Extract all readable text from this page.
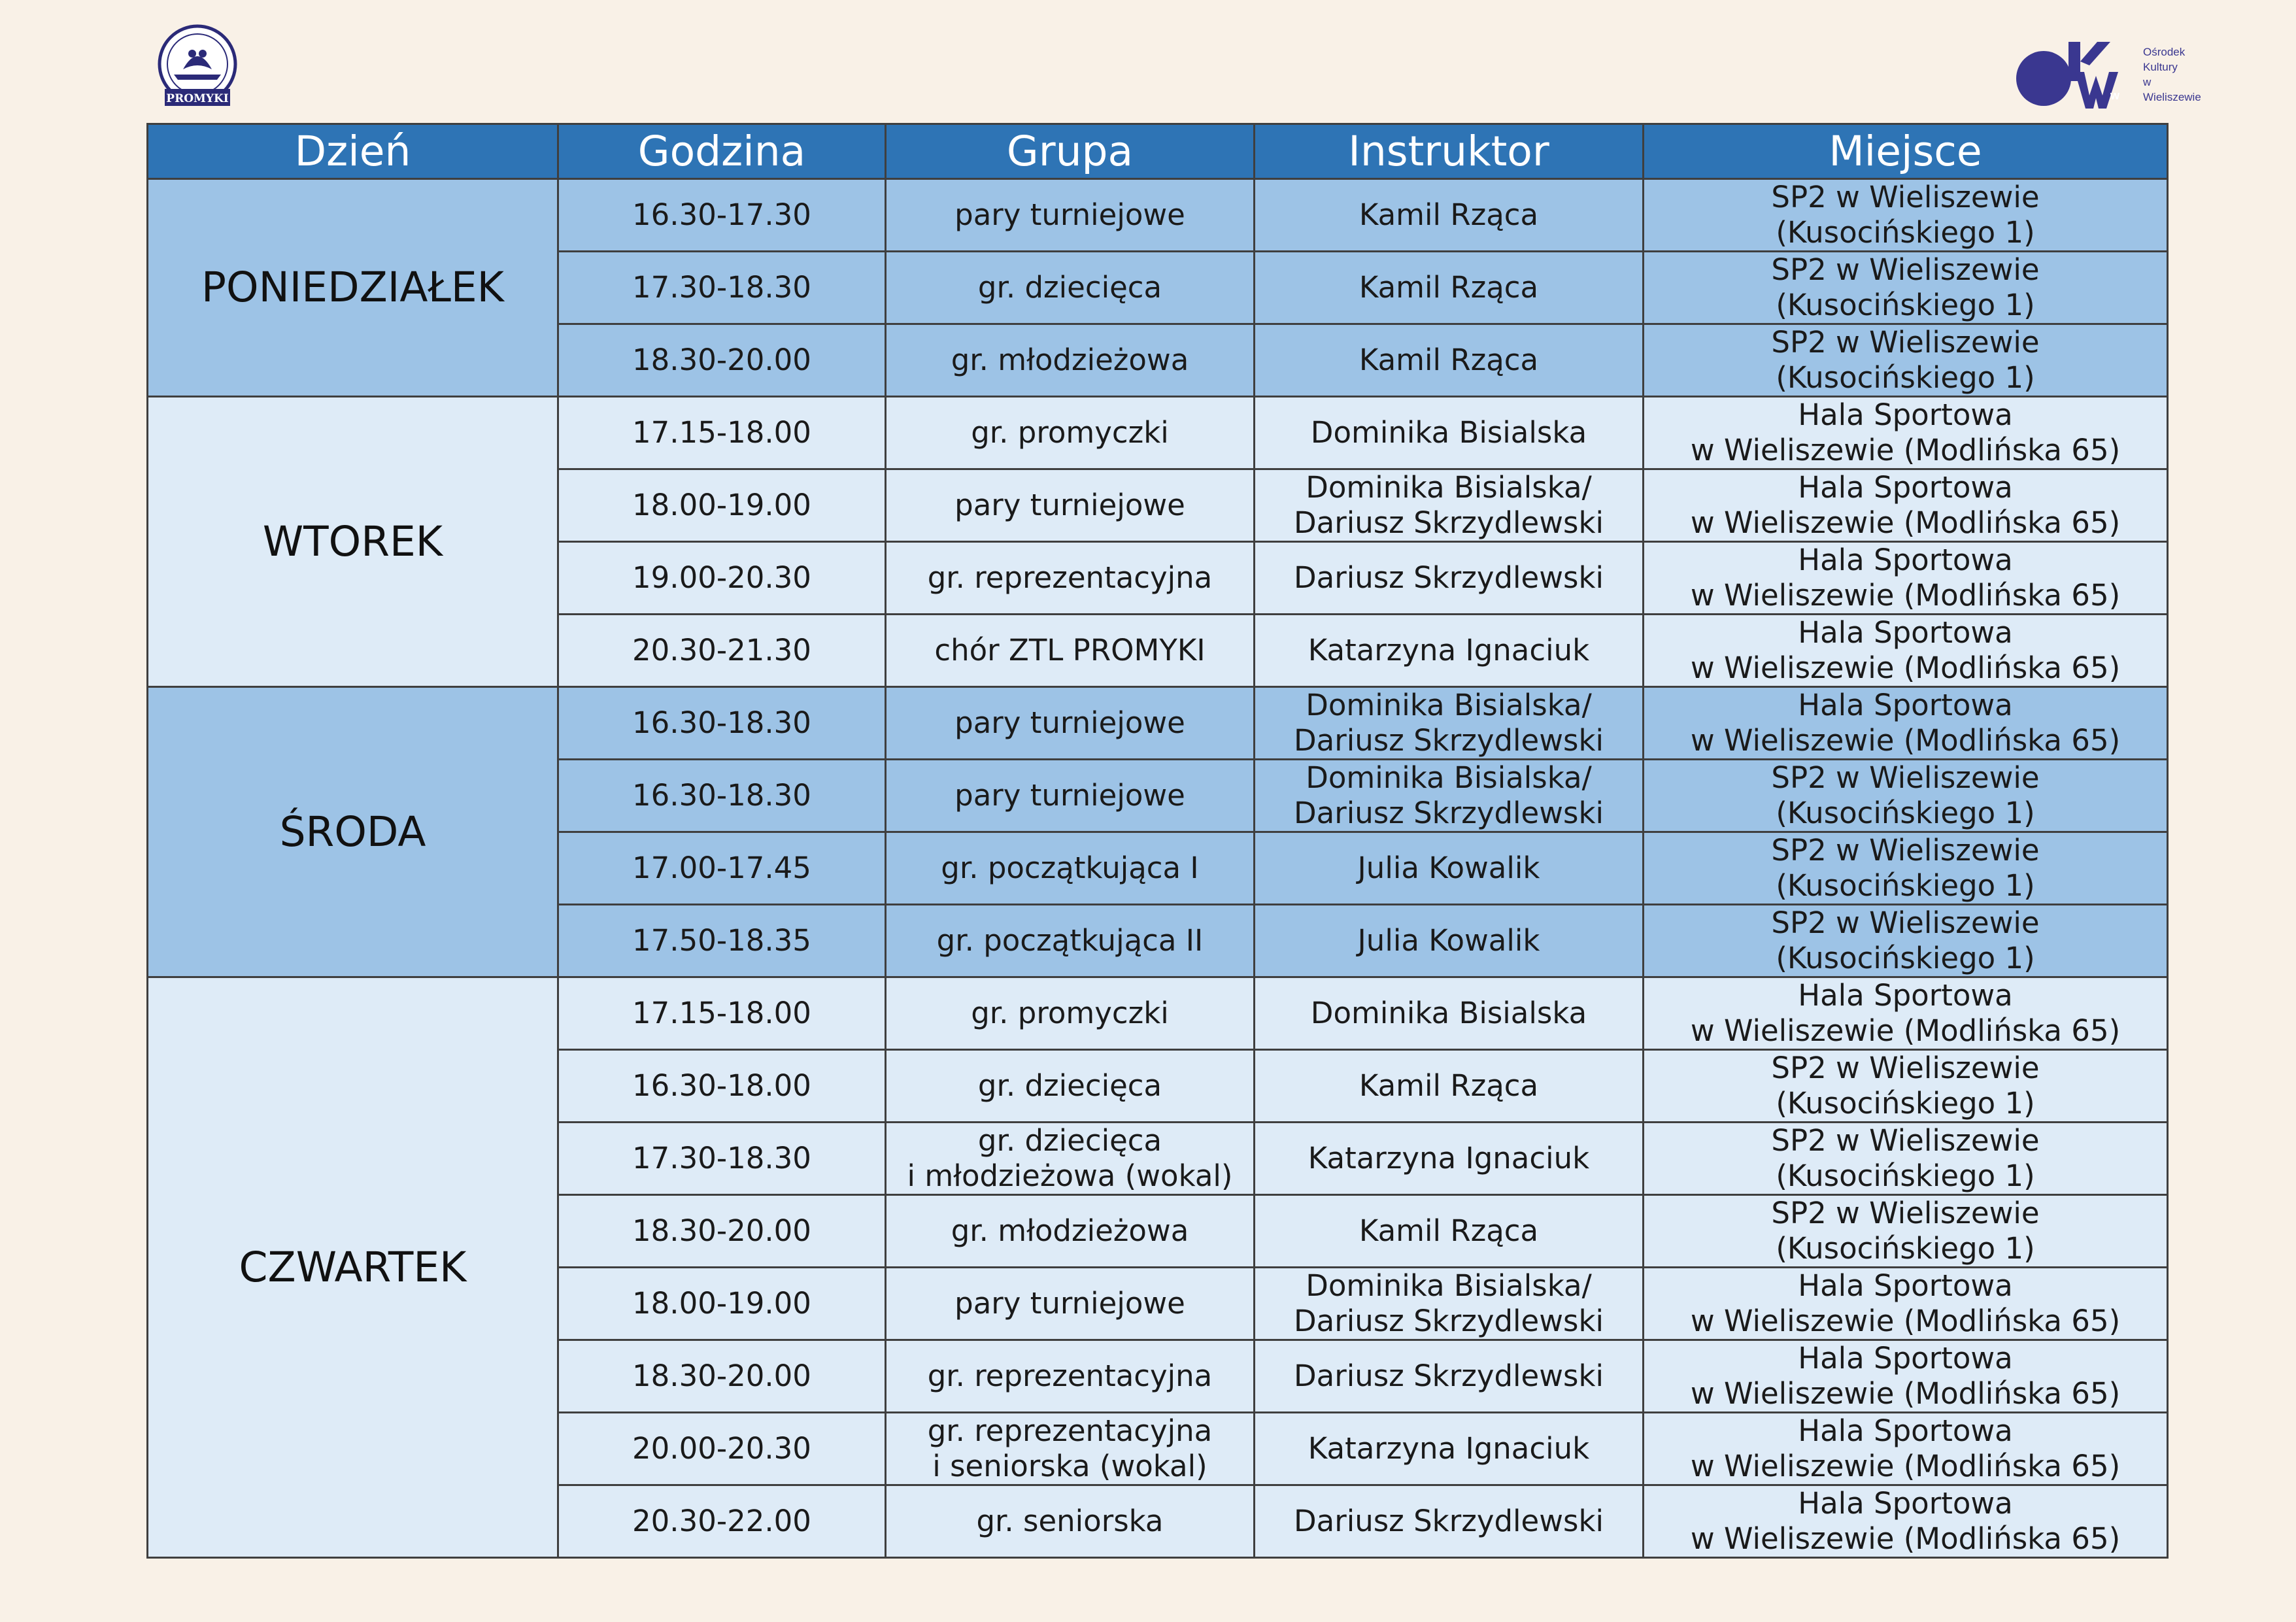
PROMYKI	w
Ośrodek
Kultury
w Wieliszewie
Dzień	Godzina	Grupa	Instruktor	Miejsce
PONIEDZIAŁEK	16.30-17.30	pary turniejowe	Kamil Rząca	SP2 w Wieliszewie
(Kusocińskiego 1)

	17.30-18.30	gr. dziecięca	Kamil Rząca	SP2 w Wieliszewie
(Kusocińskiego 1)

	18.30-20.00	gr. młodzieżowa	Kamil Rząca	SP2 w Wieliszewie
(Kusocińskiego 1)

WTOREK	17.15-18.00	gr. promyczki	Dominika Bisialska	Hala Sportowa
w Wieliszewie (Modlińska 65)

	18.00-19.00	pary turniejowe	Dominika Bisialska/
Dariusz Skrzydlewski	Hala Sportowa
w Wieliszewie (Modlińska 65)

	19.00-20.30	gr. reprezentacyjna	Dariusz Skrzydlewski	Hala Sportowa
w Wieliszewie (Modlińska 65)

	20.30-21.30	chór ZTL PROMYKI	Katarzyna Ignaciuk	Hala Sportowa
w Wieliszewie (Modlińska 65)

ŚRODA	16.30-18.30	pary turniejowe	Dominika Bisialska/
Dariusz Skrzydlewski	Hala Sportowa
w Wieliszewie (Modlińska 65)

	16.30-18.30	pary turniejowe	Dominika Bisialska/
Dariusz Skrzydlewski	SP2 w Wieliszewie
(Kusocińskiego 1)

	17.00-17.45	gr. początkująca I	Julia Kowalik	SP2 w Wieliszewie
(Kusocińskiego 1)

	17.50-18.35	gr. początkująca II	Julia Kowalik	SP2 w Wieliszewie
(Kusocińskiego 1)

CZWARTEK	17.15-18.00	gr. promyczki	Dominika Bisialska	Hala Sportowa
w Wieliszewie (Modlińska 65)

	16.30-18.00	gr. dziecięca	Kamil Rząca	SP2 w Wieliszewie
(Kusocińskiego 1)

	17.30-18.30	gr. dziecięca
i młodzieżowa (wokal)	Katarzyna Ignaciuk	SP2 w Wieliszewie
(Kusocińskiego 1)

	18.30-20.00	gr. młodzieżowa	Kamil Rząca	SP2 w Wieliszewie
(Kusocińskiego 1)

	18.00-19.00	pary turniejowe	Dominika Bisialska/
Dariusz Skrzydlewski	Hala Sportowa
w Wieliszewie (Modlińska 65)

	18.30-20.00	gr. reprezentacyjna	Dariusz Skrzydlewski	Hala Sportowa
w Wieliszewie (Modlińska 65)

	20.00-20.30	gr. reprezentacyjna
i seniorska (wokal)	Katarzyna Ignaciuk	Hala Sportowa
w Wieliszewie (Modlińska 65)

	20.30-22.00	gr. seniorska	Dariusz Skrzydlewski	Hala Sportowa
w Wieliszewie (Modlińska 65)
